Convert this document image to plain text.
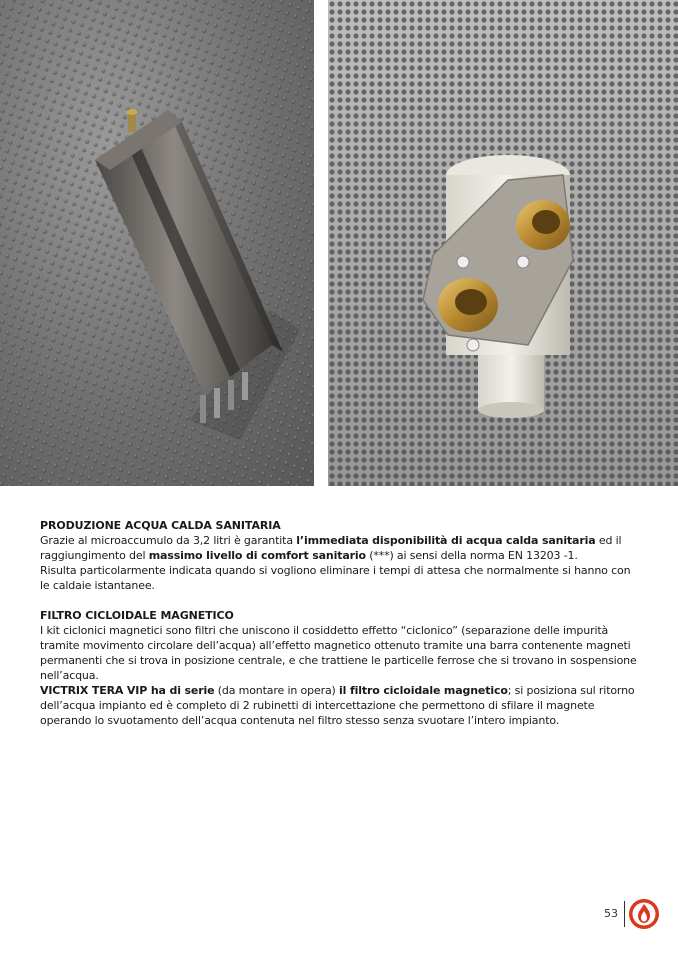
PRODUZIONE ACQUA CALDA SANITARIA

Grazie al microaccumulo da 3,2 litri è garantita l’immediata disponibilità di acqua calda sanitaria ed il raggiungimento del massimo livello di comfort sanitario (***) ai sensi della norma EN 13203 -1.

Risulta particolarmente indicata quando si vogliono eliminare i tempi di attesa che normalmente si hanno con le caldaie istantanee.

FILTRO CICLOIDALE MAGNETICO

I kit ciclonici magnetici sono filtri che uniscono il cosiddetto effetto “ciclonico” (separazione delle impurità tramite movimento circolare dell’acqua) all’effetto magnetico ottenuto tramite una barra contenente magneti permanenti che si trova in posizione centrale, e che trattiene le particelle ferrose che si trovano in sospensione nell’acqua.

VICTRIX TERA VIP ha di serie (da montare in opera) il filtro cicloidale magnetico; si posiziona sul ritorno dell’acqua impianto ed è completo di 2 rubinetti di intercettazione che permettono di sfilare il magnete operando lo svuotamento dell’acqua contenuta nel filtro stesso senza svuotare l’intero impianto.

53
